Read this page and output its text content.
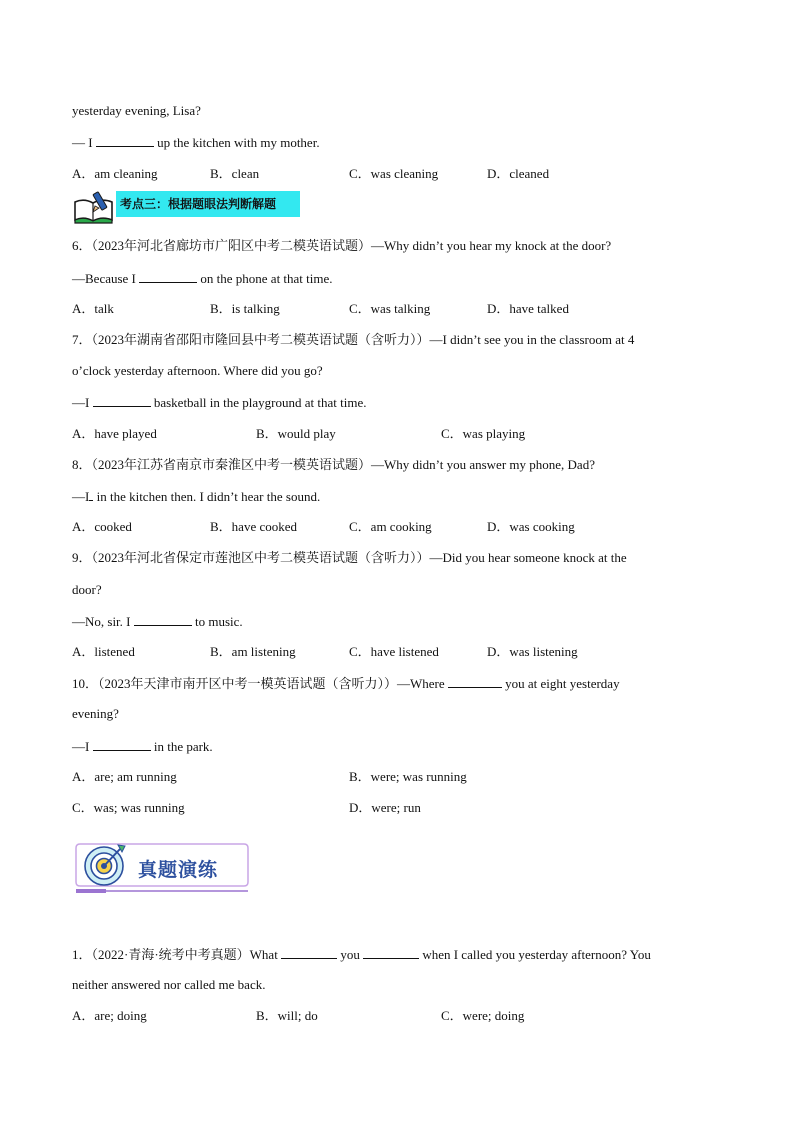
yesterday evening, Lisa?
— I	up the kitchen with my mother.
A．am cleaning	B．clean	C．was cleaning	D．cleaned
考点三：根据题眼法判断解题
6．（2023年河北省廊坊市广阳区中考二模英语试题）—Why didn’t you hear my knock at the door?
—Because I	on the phone at that time.
A．talk	B．is talking	C．was talking	D．have talked
7．（2023年湖南省邵阳市隆回县中考二模英语试题（含听力））—I didn’t see you in the classroom at 4
o’clock yesterday afternoon. Where did you go?
—I	basketball in the playground at that time.
A．have played	B．would play	C．was playing
8．（2023年江苏省南京市秦淮区中考一模英语试题）—Why didn’t you answer my phone, Dad?
—I in the kitchen then. I didn’t hear the sound.
A．cooked	B．have cooked	C．am cooking	D．was cooking
9．（2023年河北省保定市莲池区中考二模英语试题（含听力））—Did you hear someone knock at the
door?
—No, sir. I	to music.
A．listened	B．am listening	C．have listened	D．was listening
10．（2023年天津市南开区中考一模英语试题（含听力））—Where	you at eight yesterday
evening?
—I	in the park.
A．are; am running	B．were; was running
C．was; was running	D．were; run
真题演练
1．（2022·青海·统考中考真题）What	you	when I called you yesterday afternoon? You
neither answered nor called me back.
A．are; doing	B．will; do	C．were; doing
